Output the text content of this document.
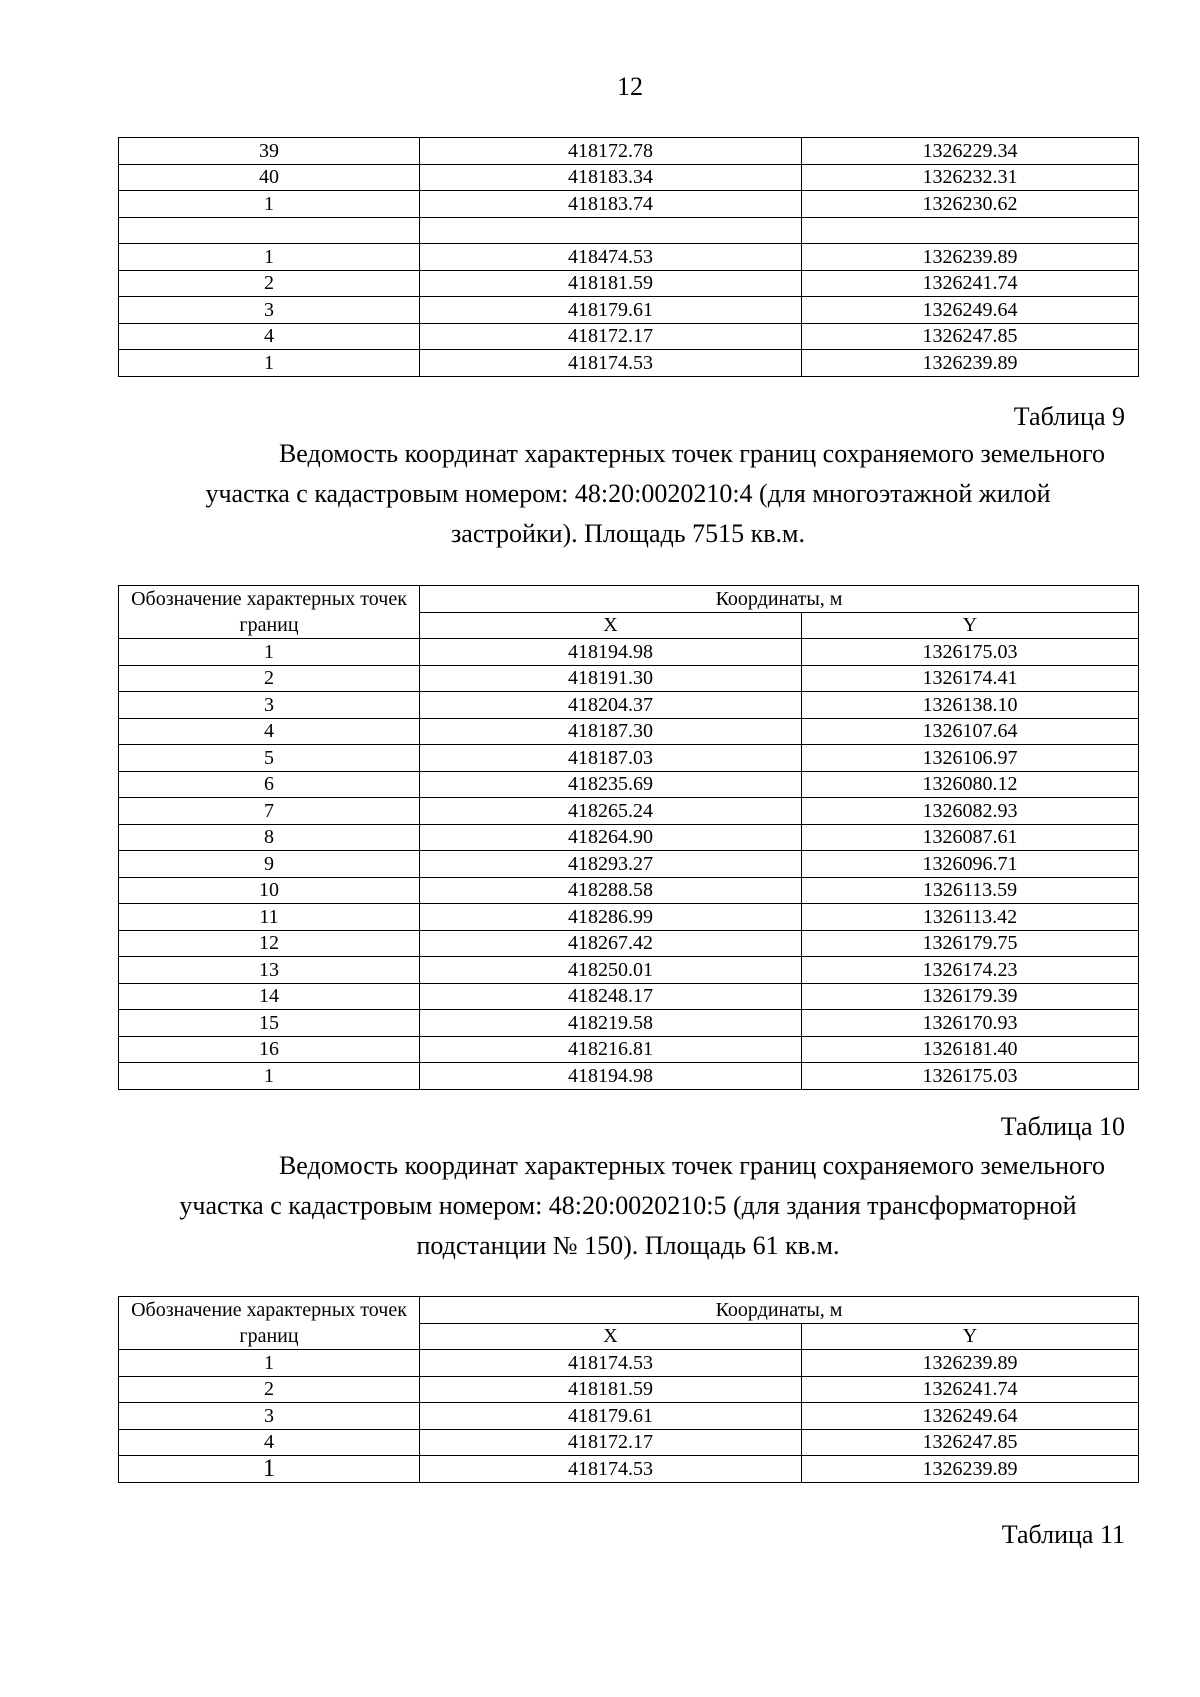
12
39	418172.78	1326229.34
40	418183.34	1326232.31
1	418183.74	1326230.62

1	418474.53	1326239.89
2	418181.59	1326241.74
3	418179.61	1326249.64
4	418172.17	1326247.85
1	418174.53	1326239.89
Таблица 9
Ведомость координат характерных точек границ сохраняемого земельного
участка с кадастровым номером: 48:20:0020210:4 (для многоэтажной жилой
застройки). Площадь 7515 кв.м.
Обозначение характерных точек границ	Координаты, м	
	X	Y
1	418194.98	1326175.03
2	418191.30	1326174.41
3	418204.37	1326138.10
4	418187.30	1326107.64
5	418187.03	1326106.97
6	418235.69	1326080.12
7	418265.24	1326082.93
8	418264.90	1326087.61
9	418293.27	1326096.71
10	418288.58	1326113.59
11	418286.99	1326113.42
12	418267.42	1326179.75
13	418250.01	1326174.23
14	418248.17	1326179.39
15	418219.58	1326170.93
16	418216.81	1326181.40
1	418194.98	1326175.03
Таблица 10
Ведомость координат характерных точек границ сохраняемого земельного
участка с кадастровым номером: 48:20:0020210:5 (для здания трансформаторной
подстанции № 150). Площадь 61 кв.м.
Обозначение характерных точек границ	Координаты, м	
	X	Y
1	418174.53	1326239.89
2	418181.59	1326241.74
3	418179.61	1326249.64
4	418172.17	1326247.85
1	418174.53	1326239.89
Таблица 11
